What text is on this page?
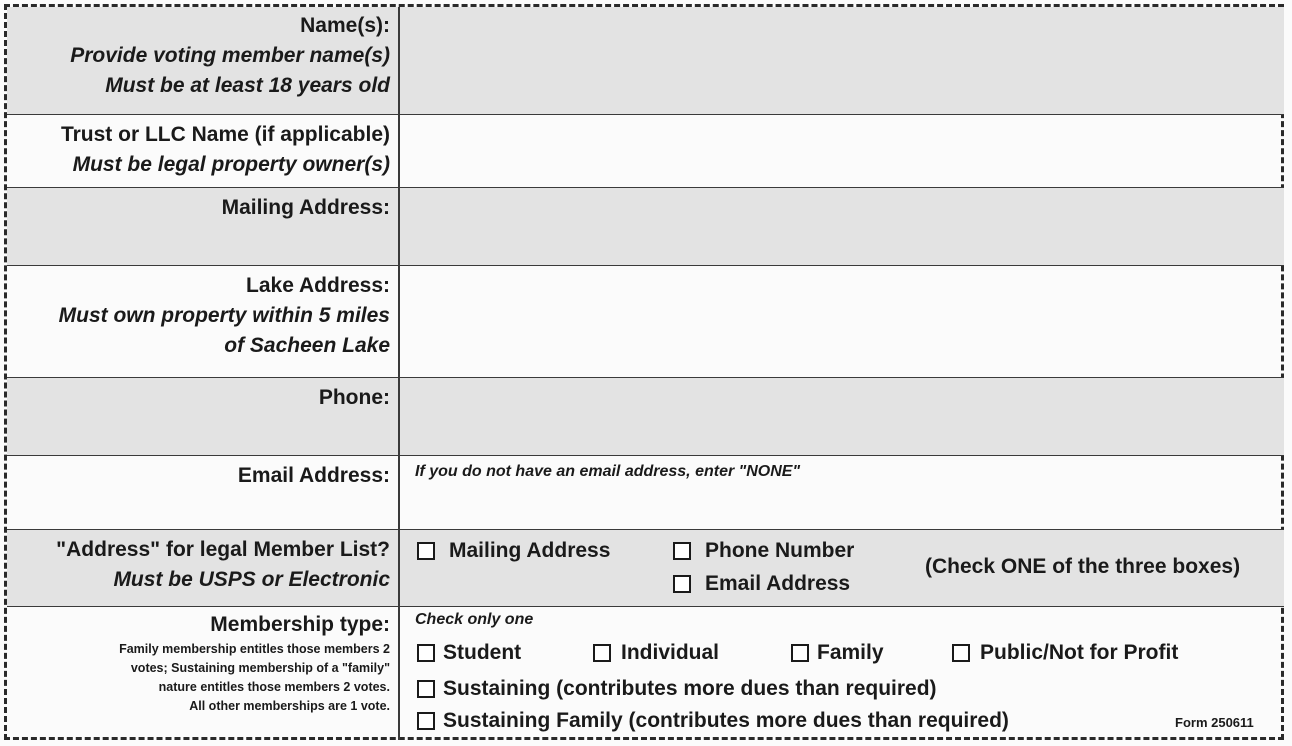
Name(s):
Provide voting member name(s)
Must be at least 18 years old
Trust or LLC Name (if applicable)
Must be legal property owner(s)
Mailing Address:
Lake Address:
Must own property within 5 miles
of Sacheen Lake
Phone:
Email Address: If you do not have an email address, enter "NONE"
"Address" for legal Member List?
Must be USPS or Electronic
Mailing Address	Phone Number
Email Address
(Check ONE of the three boxes)
Membership type:
Family membership entitles those members 2
votes; Sustaining membership of a "family"
nature entitles those members 2 votes.
All other memberships are 1 vote.
Check only one
Student	Individual	Family	Public/Not for Profit
Sustaining (contributes more dues than required)
Sustaining Family (contributes more dues than required)	Form 250611
